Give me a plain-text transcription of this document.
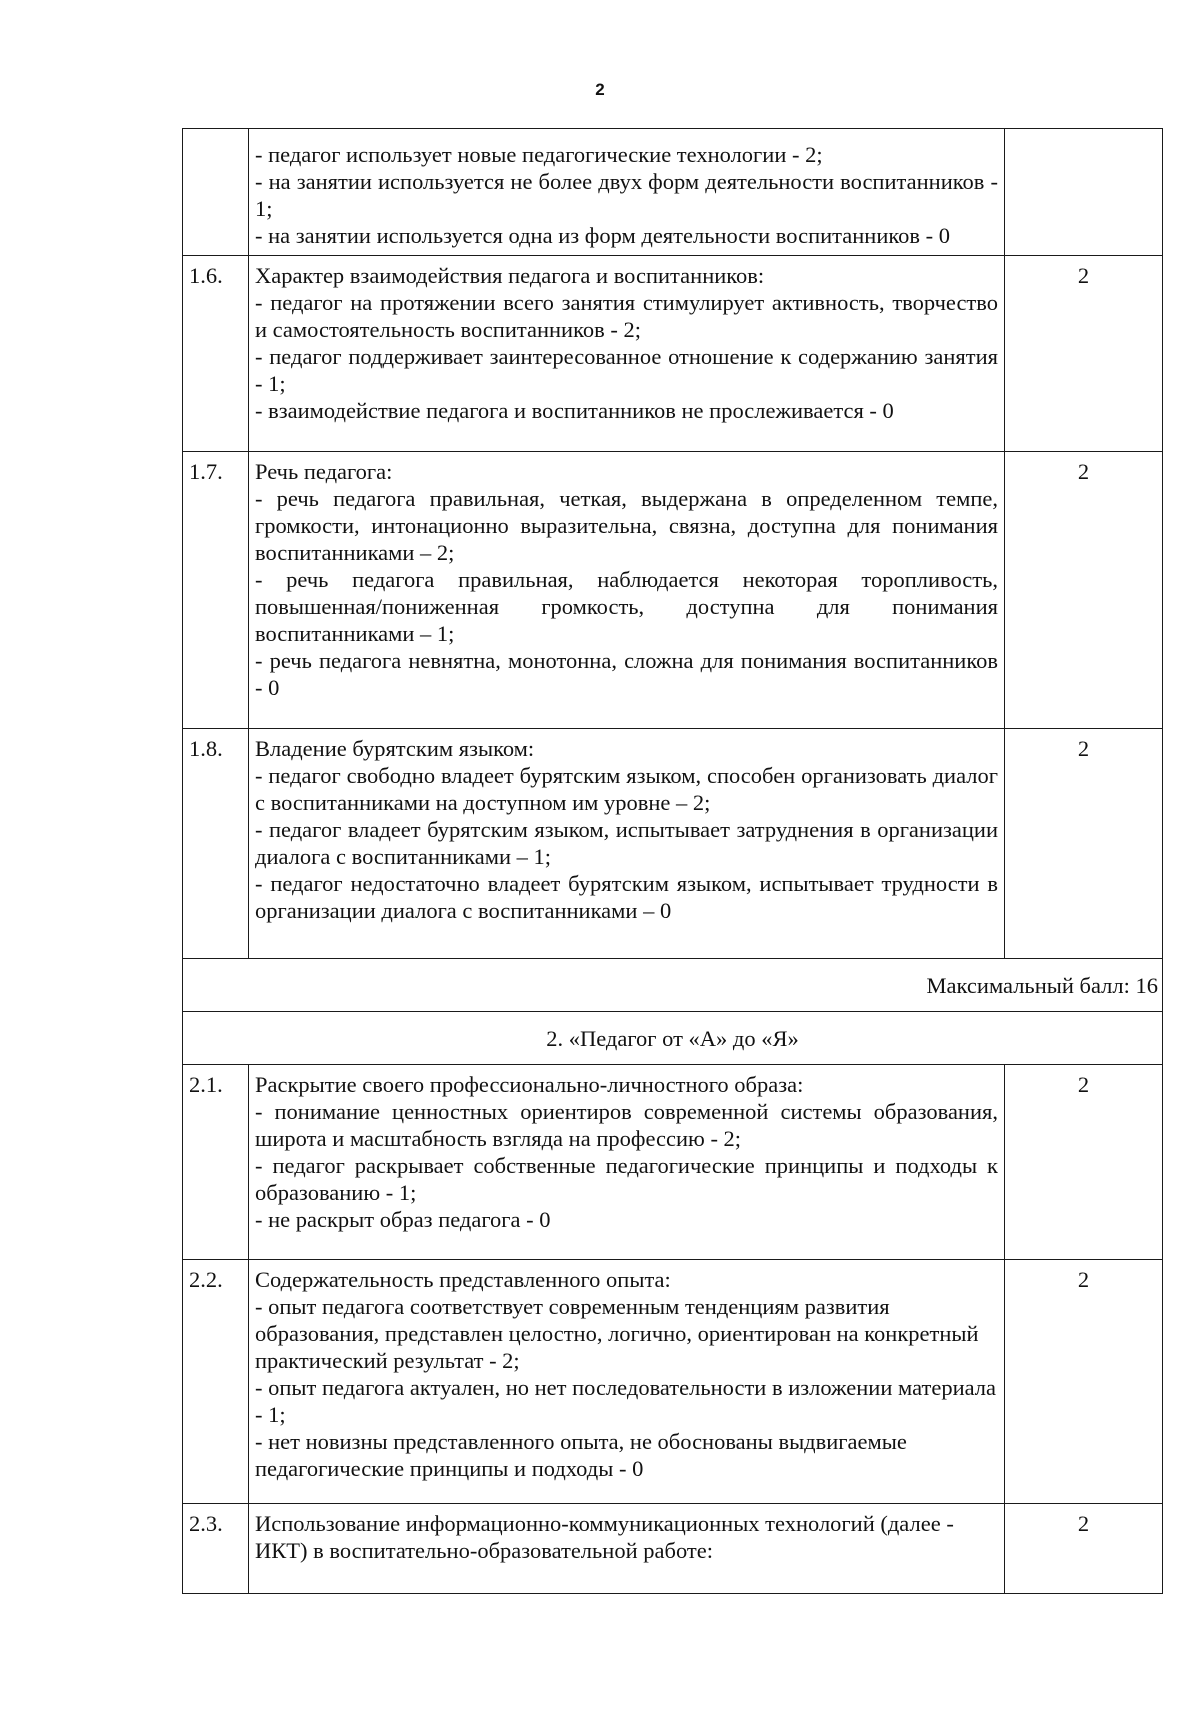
2

	- педагог использует новые педагогические технологии - 2;
- на занятии используется не более двух форм деятельности воспитанников - 1;
- на занятии используется одна из форм деятельности воспитанников - 0	

1.6.	Характер взаимодействия педагога и воспитанников:
- педагог на протяжении всего занятия стимулирует активность, творчество и самостоятельность воспитанников - 2;
- педагог поддерживает заинтересованное отношение к содержанию занятия - 1;
- взаимодействие педагога и воспитанников не прослеживается - 0	2
1.7.	Речь педагога:
- речь педагога правильная, четкая, выдержана в определенном темпе, громкости, интонационно выразительна, связна, доступна для понимания воспитанниками – 2;
- речь педагога правильная, наблюдается некоторая торопливость, повышенная/пониженная громкость, доступна для понимания воспитанниками – 1;
- речь педагога невнятна, монотонна, сложна для понимания воспитанников - 0	2
1.8.	Владение бурятским языком:
- педагог свободно владеет бурятским языком, способен организовать диалог с воспитанниками на доступном им уровне – 2;
- педагог владеет бурятским языком, испытывает затруднения в организации диалога с воспитанниками – 1;
- педагог недостаточно владеет бурятским языком, испытывает трудности в организации диалога с воспитанниками – 0	2
Максимальный балл: 16		
2. «Педагог от «А» до «Я»		
2.1.	Раскрытие своего профессионально-личностного образа:
- понимание ценностных ориентиров современной системы образования, широта и масштабность взгляда на профессию - 2;
- педагог раскрывает собственные педагогические принципы и подходы к образованию - 1;
- не раскрыт образ педагога - 0	2
2.2.	Содержательность представленного опыта:
- опыт педагога соответствует современным тенденциям развития образования, представлен целостно, логично, ориентирован на конкретный практический результат - 2;
- опыт педагога актуален, но нет последовательности в изложении материала - 1;
- нет новизны представленного опыта, не обоснованы выдвигаемые педагогические принципы и подходы - 0	2
2.3.	Использование информационно-коммуникационных технологий (далее - ИКТ) в воспитательно-образовательной работе:	2
